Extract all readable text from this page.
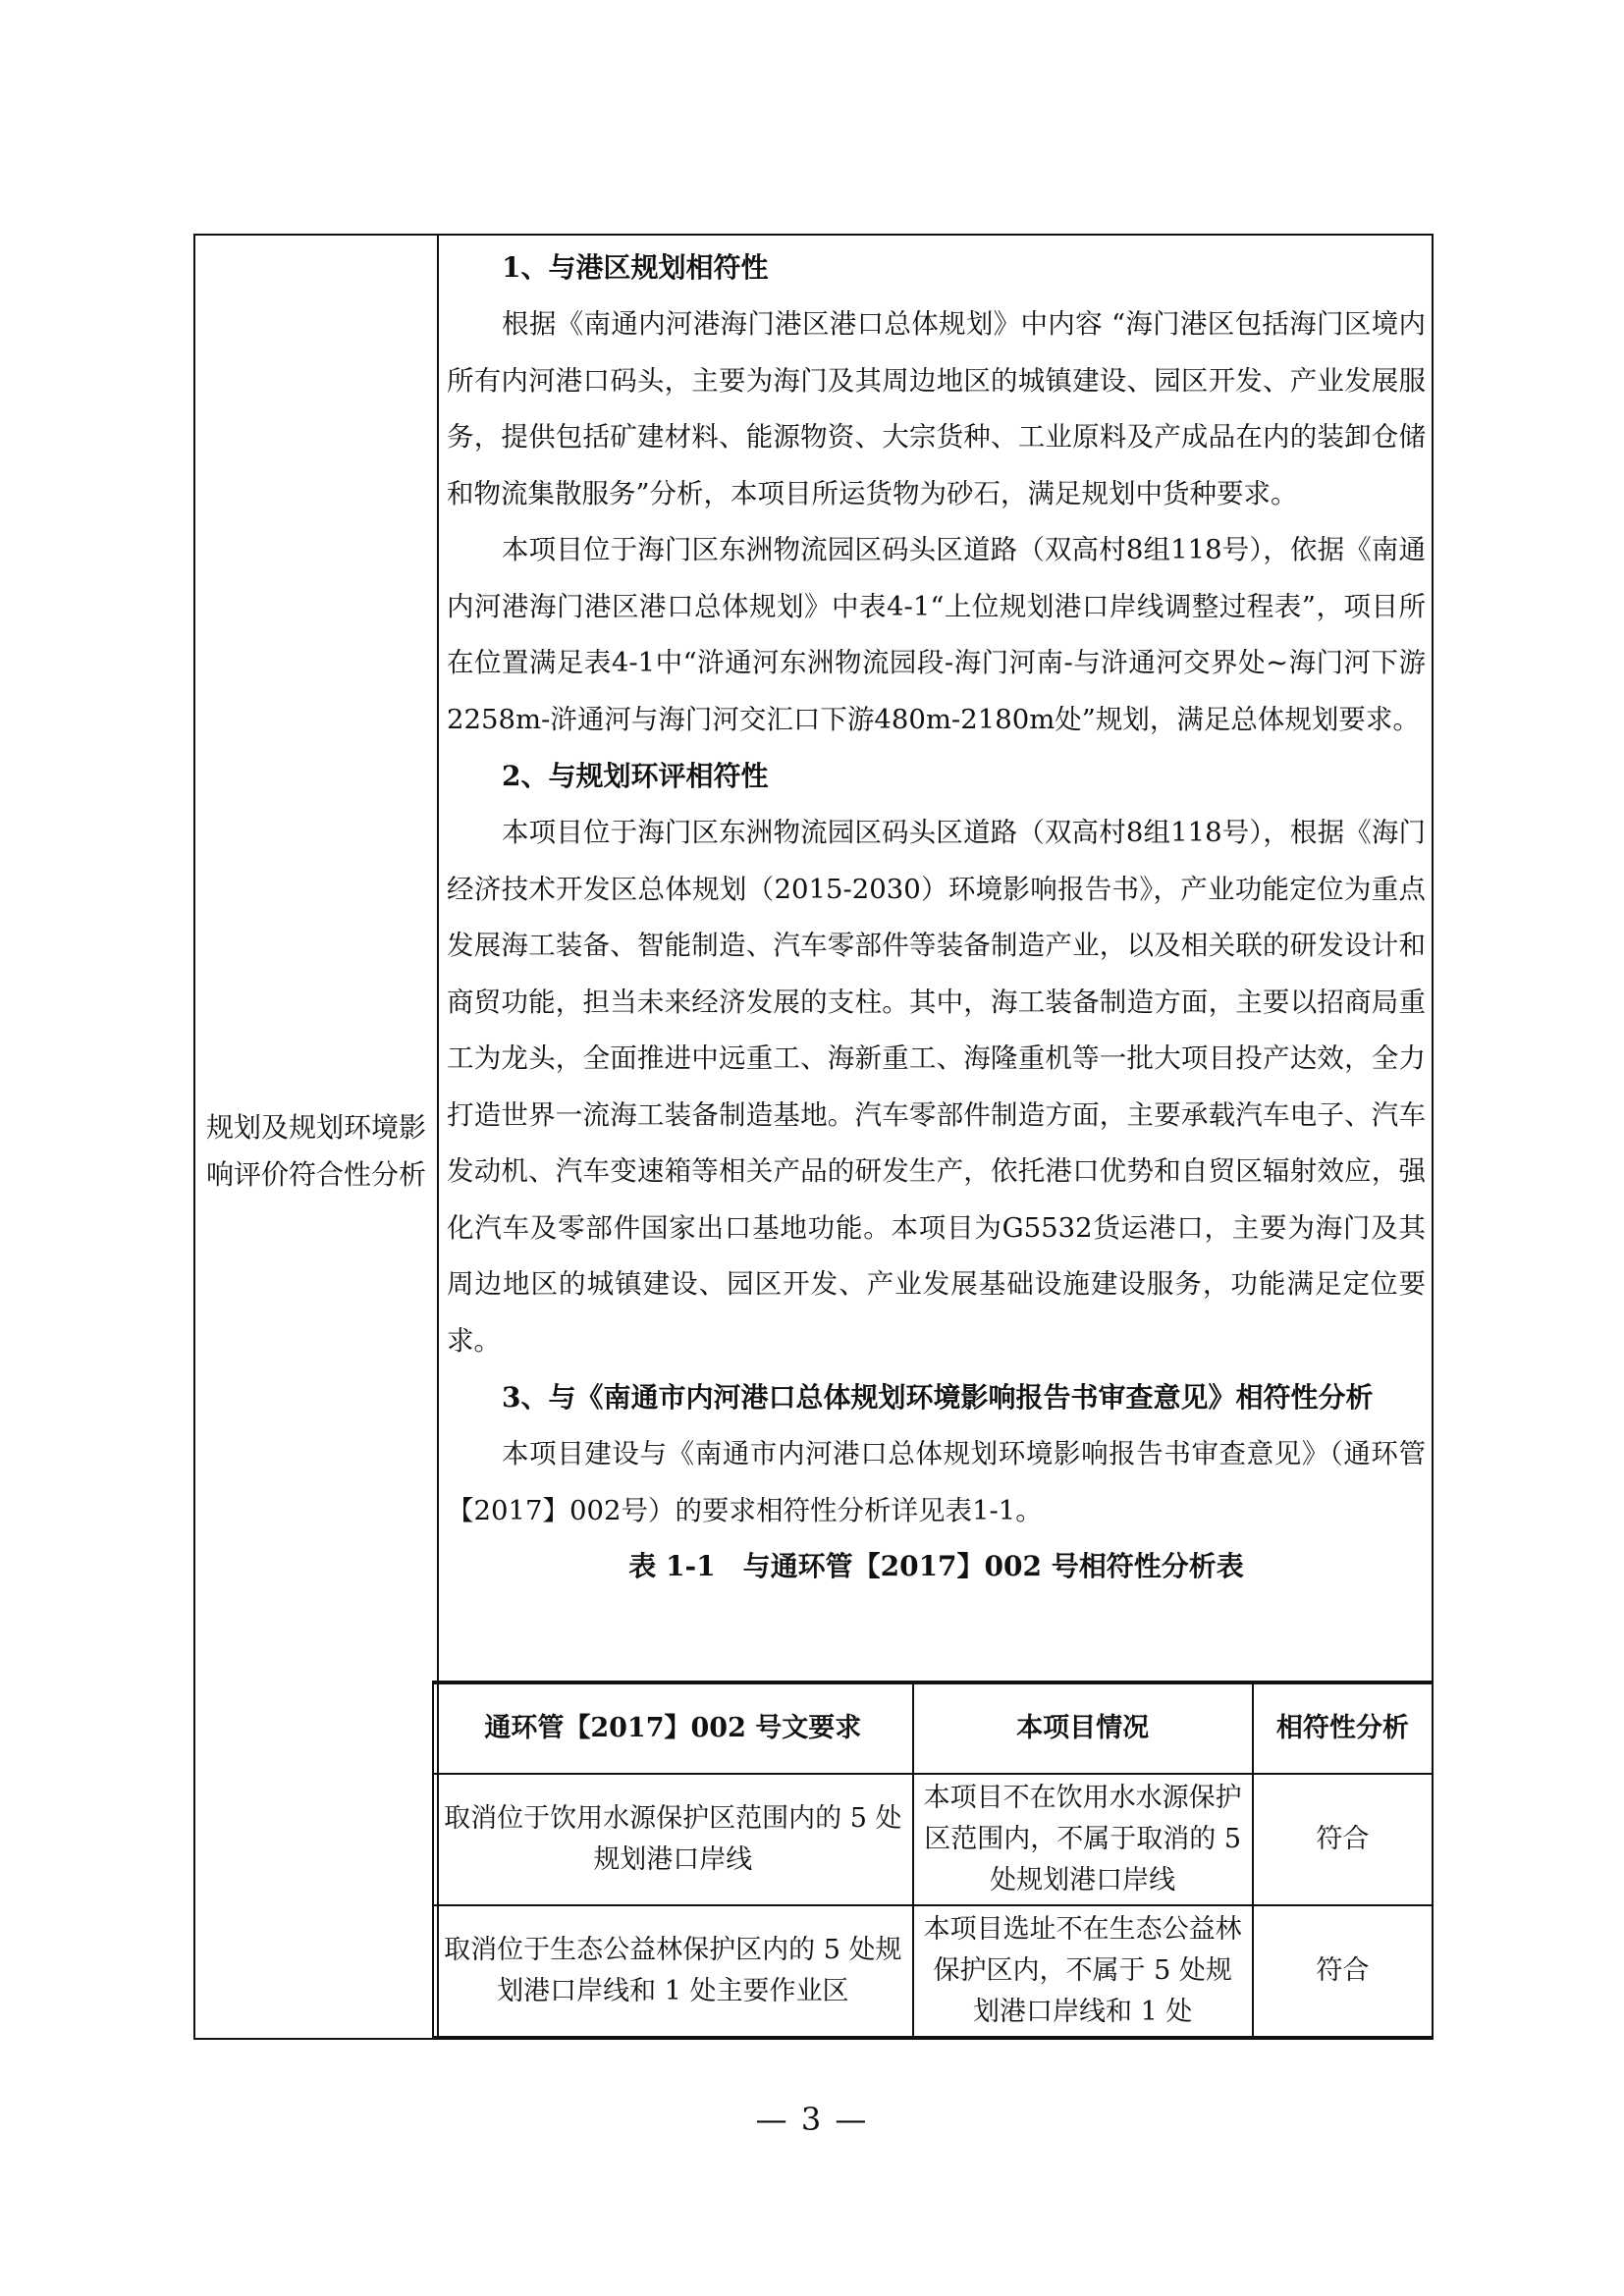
规划及规划环境影响评价符合性分析

1、与港区规划相符性

根据《南通内河港海门港区港口总体规划》中内容 “海门港区包括海门区境内所有内河港口码头，主要为海门及其周边地区的城镇建设、园区开发、产业发展服务，提供包括矿建材料、能源物资、大宗货种、工业原料及产成品在内的装卸仓储和物流集散服务”分析，本项目所运货物为砂石，满足规划中货种要求。

本项目位于海门区东洲物流园区码头区道路（双高村8组118号），依据《南通内河港海门港区港口总体规划》中表4-1“上位规划港口岸线调整过程表”，项目所在位置满足表4-1中“浒通河东洲物流园段-海门河南-与浒通河交界处~海门河下游2258m-浒通河与海门河交汇口下游480m-2180m处”规划，满足总体规划要求。

2、与规划环评相符性

本项目位于海门区东洲物流园区码头区道路（双高村8组118号），根据《海门经济技术开发区总体规划（2015-2030）环境影响报告书》，产业功能定位为重点发展海工装备、智能制造、汽车零部件等装备制造产业，以及相关联的研发设计和商贸功能，担当未来经济发展的支柱。其中，海工装备制造方面，主要以招商局重工为龙头，全面推进中远重工、海新重工、海隆重机等一批大项目投产达效，全力打造世界一流海工装备制造基地。汽车零部件制造方面，主要承载汽车电子、汽车发动机、汽车变速箱等相关产品的研发生产，依托港口优势和自贸区辐射效应，强化汽车及零部件国家出口基地功能。本项目为G5532货运港口，主要为海门及其周边地区的城镇建设、园区开发、产业发展基础设施建设服务，功能满足定位要求。

3、与《南通市内河港口总体规划环境影响报告书审查意见》相符性分析

本项目建设与《南通市内河港口总体规划环境影响报告书审查意见》（通环管【2017】002号）的要求相符性分析详见表1-1。

表 1-1　与通环管【2017】002 号相符性分析表

通环管【2017】002 号文要求	本项目情况	相符性分析
取消位于饮用水源保护区范围内的 5 处规划港口岸线	本项目不在饮用水水源保护区范围内，不属于取消的 5 处规划港口岸线	符合
取消位于生态公益林保护区内的 5 处规划港口岸线和 1 处主要作业区	本项目选址不在生态公益林保护区内，不属于 5 处规划港口岸线和 1 处	符合
— 3 —
